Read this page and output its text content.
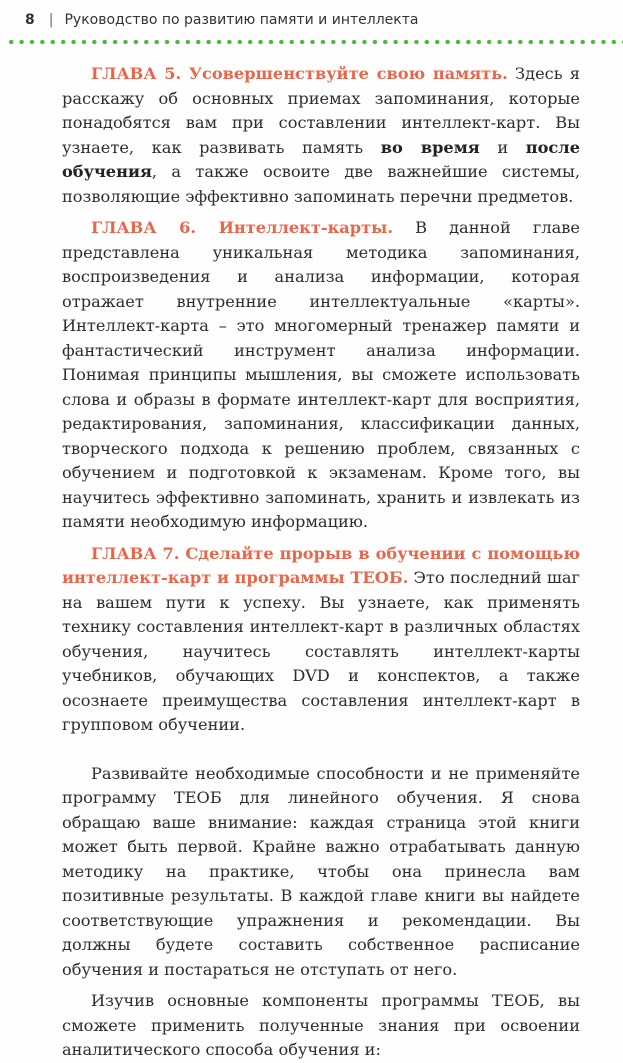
8 | Руководство по развитию памяти и интеллекта

ГЛАВА 5. Усовершенствуйте свою память. Здесь я расскажу об основных приемах запоминания, которые понадобятся вам при составлении интеллект-карт. Вы узнаете, как развивать память во время и после обучения, а также освоите две важнейшие системы, позволяющие эффективно запоминать перечни предметов.

ГЛАВА 6. Интеллект-карты. В данной главе представлена уникальная методика запоминания, воспроизведения и анализа информации, которая отражает внутренние интеллектуальные «карты». Интеллект-карта – это многомерный тренажер памяти и фантастический инструмент анализа информации. Понимая принципы мышления, вы сможете использовать слова и образы в формате интеллект-карт для восприятия, редактирования, запоминания, классификации данных, творческого подхода к решению проблем, связанных с обучением и подготовкой к экзаменам. Кроме того, вы научитесь эффективно запоминать, хранить и извлекать из памяти необходимую информацию.

ГЛАВА 7. Сделайте прорыв в обучении с помощью интеллект-карт и программы ТЕОБ. Это последний шаг на вашем пути к успеху. Вы узнаете, как применять технику составления интеллект-карт в различных областях обучения, научитесь составлять интеллект-карты учебников, обучающих DVD и конспектов, а также осознаете преимущества составления интеллект-карт в групповом обучении.

Развивайте необходимые способности и не применяйте программу ТЕОБ для линейного обучения. Я снова обращаю ваше внимание: каждая страница этой книги может быть первой. Крайне важно отрабатывать данную методику на практике, чтобы она принесла вам позитивные результаты. В каждой главе книги вы найдете соответствующие упражнения и рекомендации. Вы должны будете составить собственное расписание обучения и постараться не отступать от него.

Изучив основные компоненты программы ТЕОБ, вы сможете применить полученные знания при освоении аналитического способа обучения и:
